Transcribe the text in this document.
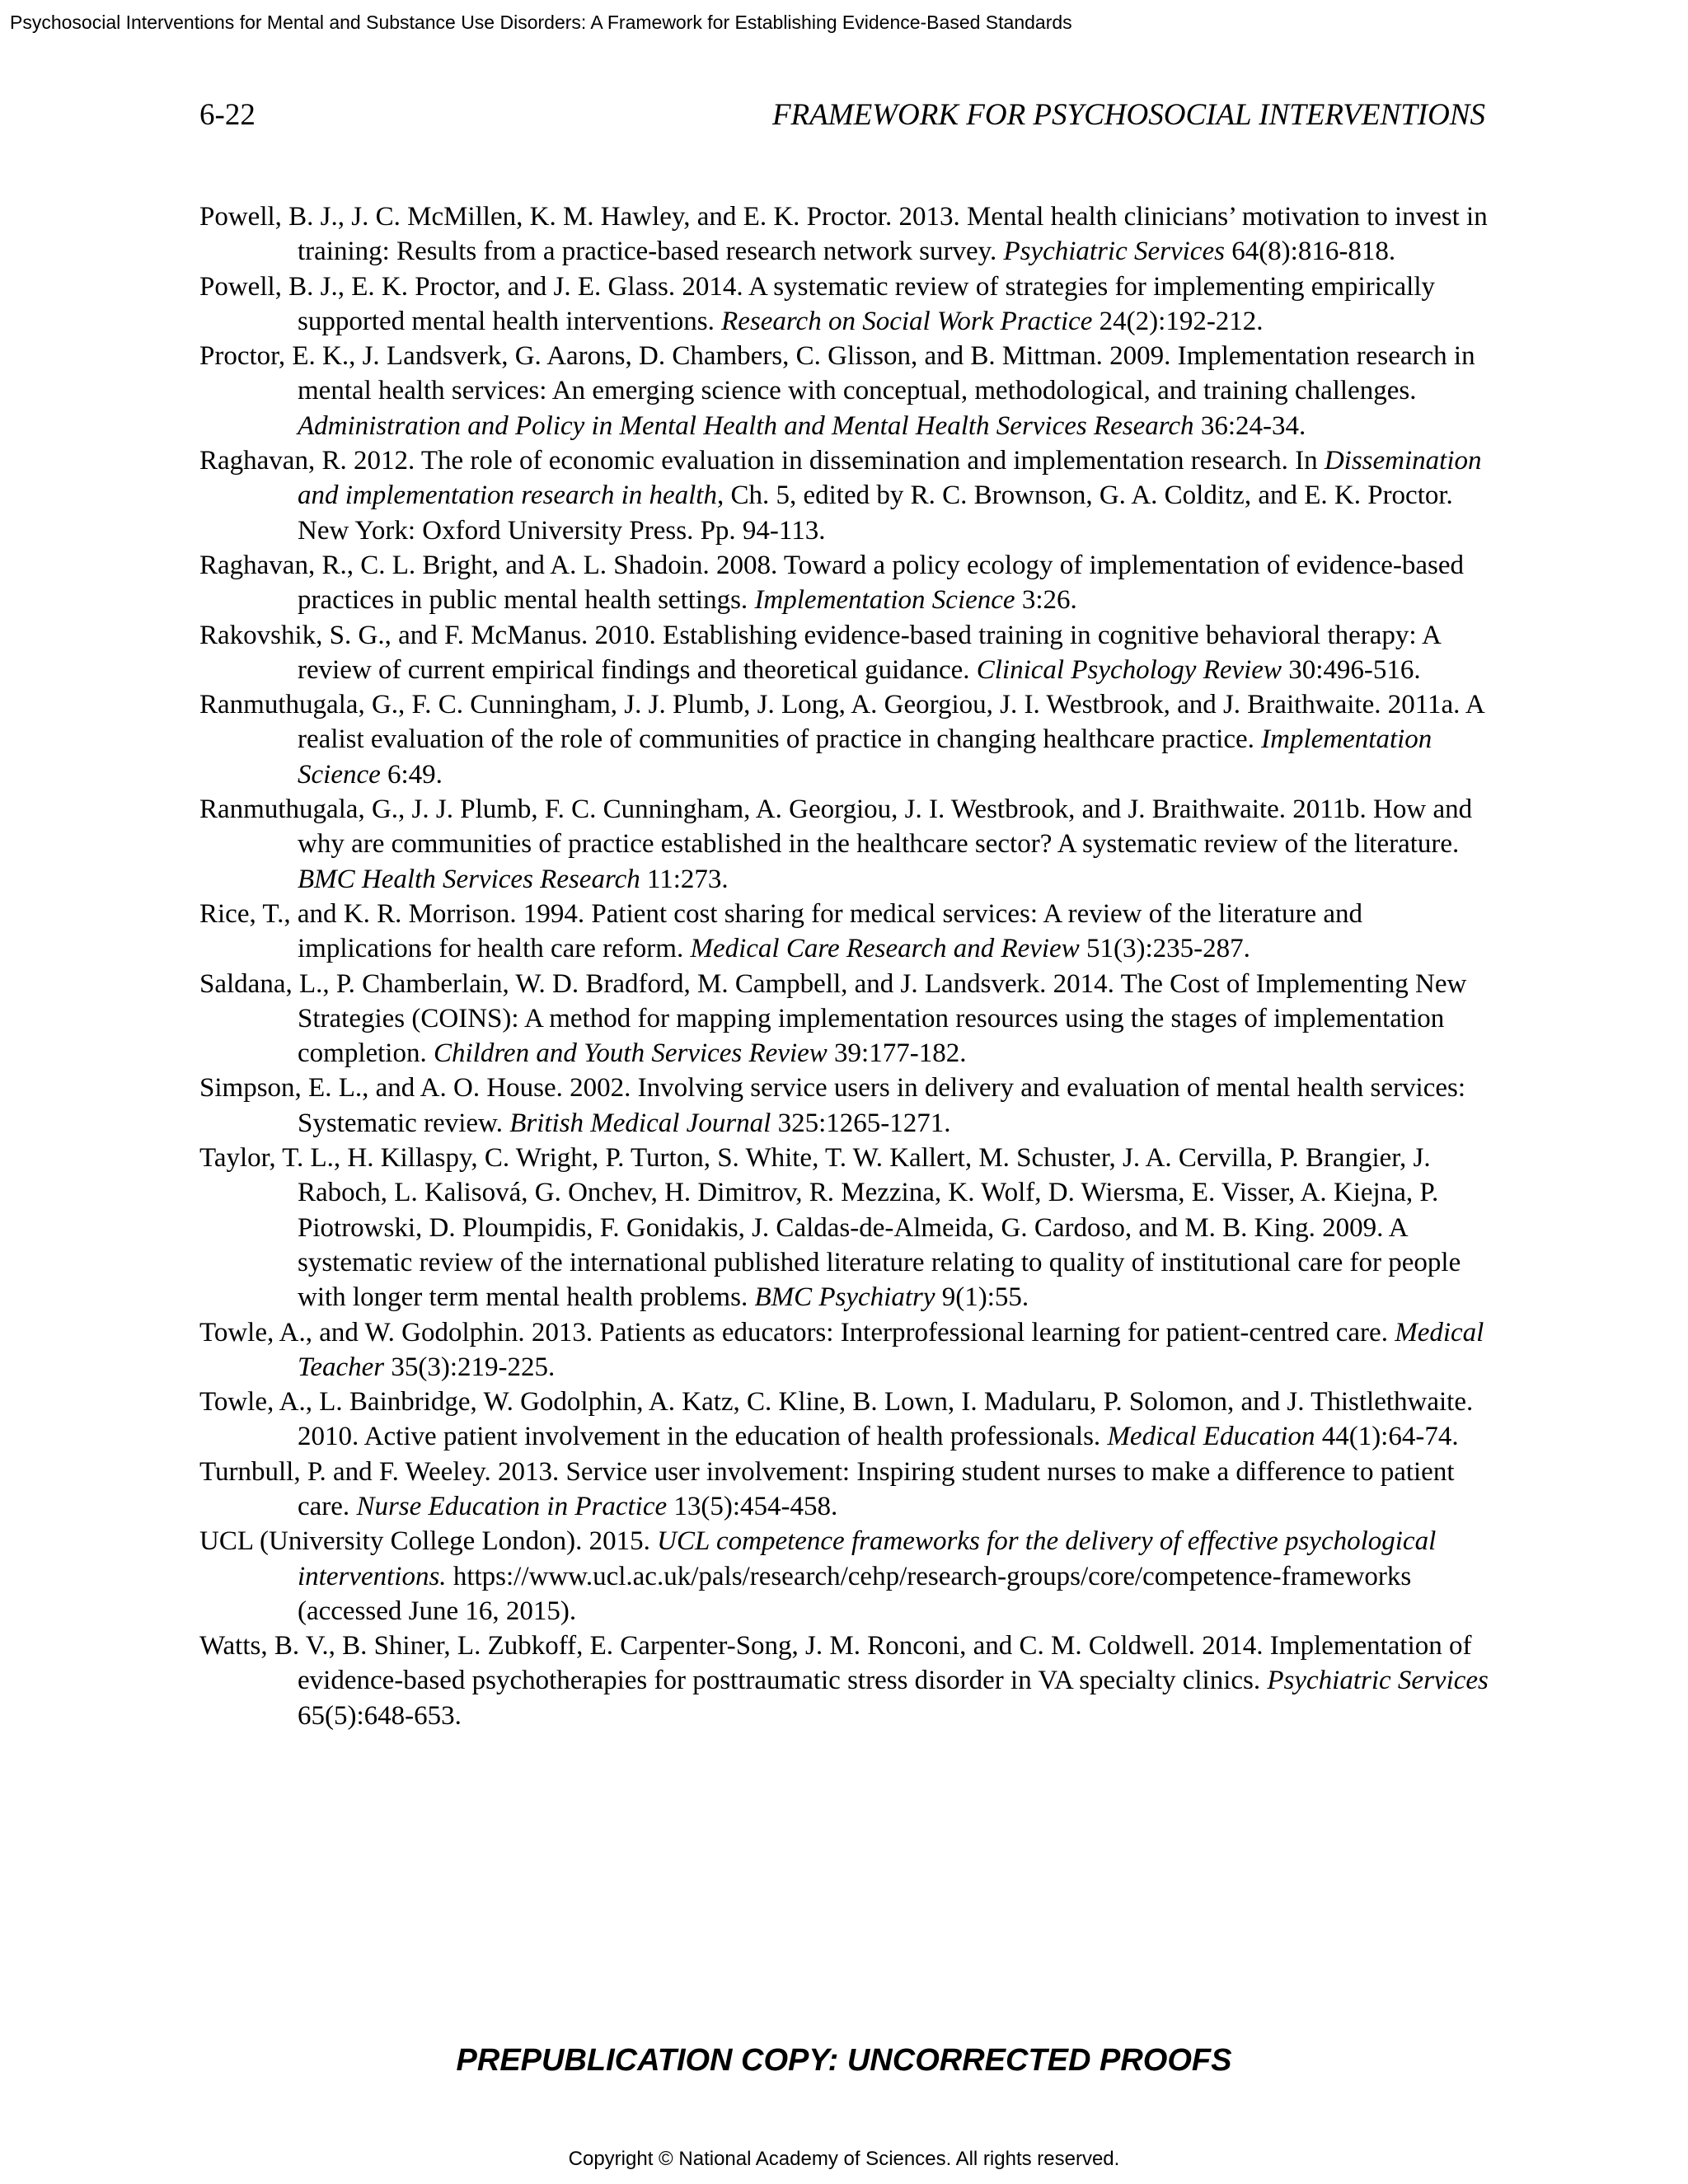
Psychosocial Interventions for Mental and Substance Use Disorders: A Framework for Establishing Evidence-Based Standards
6-22	FRAMEWORK FOR PSYCHOSOCIAL INTERVENTIONS

Powell, B. J., J. C. McMillen, K. M. Hawley, and E. K. Proctor. 2013. Mental health clinicians’ motivation to invest in training: Results from a practice-based research network survey. Psychiatric Services 64(8):816-818.

Powell, B. J., E. K. Proctor, and J. E. Glass. 2014. A systematic review of strategies for implementing empirically supported mental health interventions. Research on Social Work Practice 24(2):192-212.

Proctor, E. K., J. Landsverk, G. Aarons, D. Chambers, C. Glisson, and B. Mittman. 2009. Implementation research in mental health services: An emerging science with conceptual, methodological, and training challenges. Administration and Policy in Mental Health and Mental Health Services Research 36:24-34.

Raghavan, R. 2012. The role of economic evaluation in dissemination and implementation research. In Dissemination and implementation research in health, Ch. 5, edited by R. C. Brownson, G. A. Colditz, and E. K. Proctor. New York: Oxford University Press. Pp. 94-113.

Raghavan, R., C. L. Bright, and A. L. Shadoin. 2008. Toward a policy ecology of implementation of evidence-based practices in public mental health settings. Implementation Science 3:26.

Rakovshik, S. G., and F. McManus. 2010. Establishing evidence-based training in cognitive behavioral therapy: A review of current empirical findings and theoretical guidance. Clinical Psychology Review 30:496-516.

Ranmuthugala, G., F. C. Cunningham, J. J. Plumb, J. Long, A. Georgiou, J. I. Westbrook, and J. Braithwaite. 2011a. A realist evaluation of the role of communities of practice in changing healthcare practice. Implementation Science 6:49.

Ranmuthugala, G., J. J. Plumb, F. C. Cunningham, A. Georgiou, J. I. Westbrook, and J. Braithwaite. 2011b. How and why are communities of practice established in the healthcare sector? A systematic review of the literature. BMC Health Services Research 11:273.

Rice, T., and K. R. Morrison. 1994. Patient cost sharing for medical services: A review of the literature and implications for health care reform. Medical Care Research and Review 51(3):235-287.

Saldana, L., P. Chamberlain, W. D. Bradford, M. Campbell, and J. Landsverk. 2014. The Cost of Implementing New Strategies (COINS): A method for mapping implementation resources using the stages of implementation completion. Children and Youth Services Review 39:177-182.

Simpson, E. L., and A. O. House. 2002. Involving service users in delivery and evaluation of mental health services: Systematic review. British Medical Journal 325:1265-1271.

Taylor, T. L., H. Killaspy, C. Wright, P. Turton, S. White, T. W. Kallert, M. Schuster, J. A. Cervilla, P. Brangier, J. Raboch, L. Kalisová, G. Onchev, H. Dimitrov, R. Mezzina, K. Wolf, D. Wiersma, E. Visser, A. Kiejna, P. Piotrowski, D. Ploumpidis, F. Gonidakis, J. Caldas-de-Almeida, G. Cardoso, and M. B. King. 2009. A systematic review of the international published literature relating to quality of institutional care for people with longer term mental health problems. BMC Psychiatry 9(1):55.

Towle, A., and W. Godolphin. 2013. Patients as educators: Interprofessional learning for patient-centred care. Medical Teacher 35(3):219-225.

Towle, A., L. Bainbridge, W. Godolphin, A. Katz, C. Kline, B. Lown, I. Madularu, P. Solomon, and J. Thistlethwaite. 2010. Active patient involvement in the education of health professionals. Medical Education 44(1):64-74.

Turnbull, P. and F. Weeley. 2013. Service user involvement: Inspiring student nurses to make a difference to patient care. Nurse Education in Practice 13(5):454-458.

UCL (University College London). 2015. UCL competence frameworks for the delivery of effective psychological interventions. https://www.ucl.ac.uk/pals/research/cehp/research-groups/core/competence-frameworks (accessed June 16, 2015).

Watts, B. V., B. Shiner, L. Zubkoff, E. Carpenter-Song, J. M. Ronconi, and C. M. Coldwell. 2014. Implementation of evidence-based psychotherapies for posttraumatic stress disorder in VA specialty clinics. Psychiatric Services 65(5):648-653.

PREPUBLICATION COPY: UNCORRECTED PROOFS
Copyright © National Academy of Sciences. All rights reserved.
